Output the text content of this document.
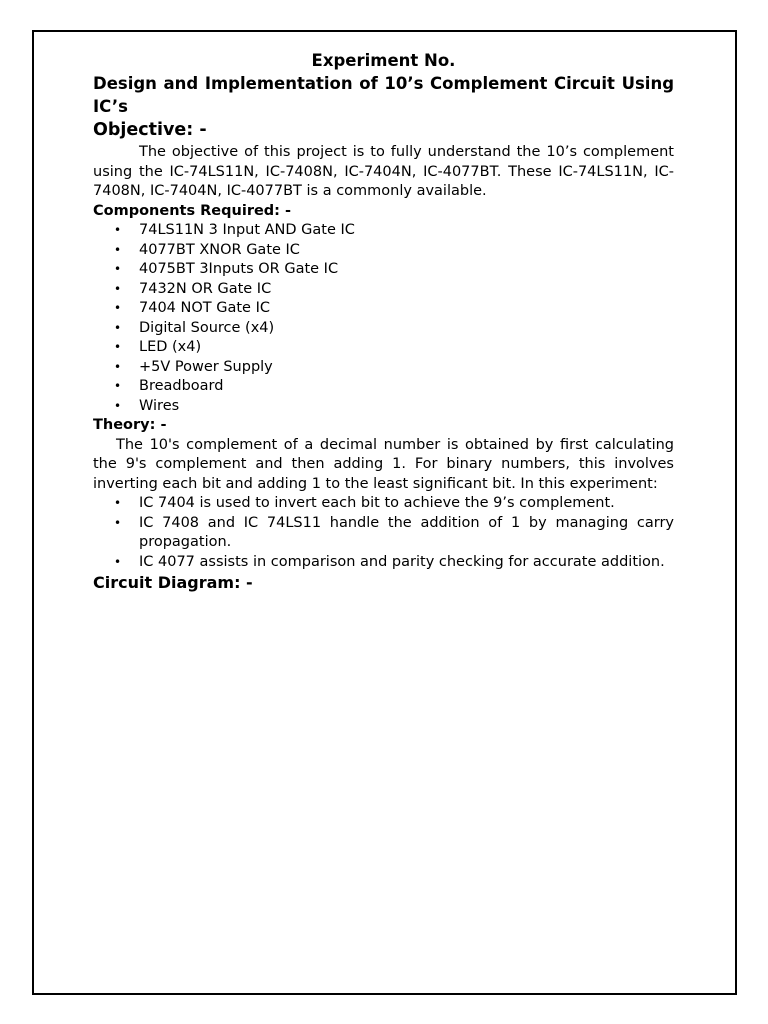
Experiment No.

Design and Implementation of 10’s Complement Circuit Using IC’s

Objective: -

The objective of this project is to fully understand the 10’s complement using the IC-74LS11N, IC-7408N, IC-7404N, IC-4077BT. These IC-74LS11N, IC-7408N, IC-7404N, IC-4077BT is a commonly available.

Components Required: -

• 74LS11N 3 Input AND Gate IC
• 4077BT XNOR Gate IC
• 4075BT 3Inputs OR Gate IC
• 7432N OR Gate IC
• 7404 NOT Gate IC
• Digital Source (x4)
• LED (x4)
• +5V Power Supply
• Breadboard
• Wires

Theory: -

The 10's complement of a decimal number is obtained by first calculating the 9's complement and then adding 1. For binary numbers, this involves inverting each bit and adding 1 to the least significant bit. In this experiment:

• IC 7404 is used to invert each bit to achieve the 9’s complement.
• IC 7408 and IC 74LS11 handle the addition of 1 by managing carry propagation.
• IC 4077 assists in comparison and parity checking for accurate addition.

Circuit Diagram: -
